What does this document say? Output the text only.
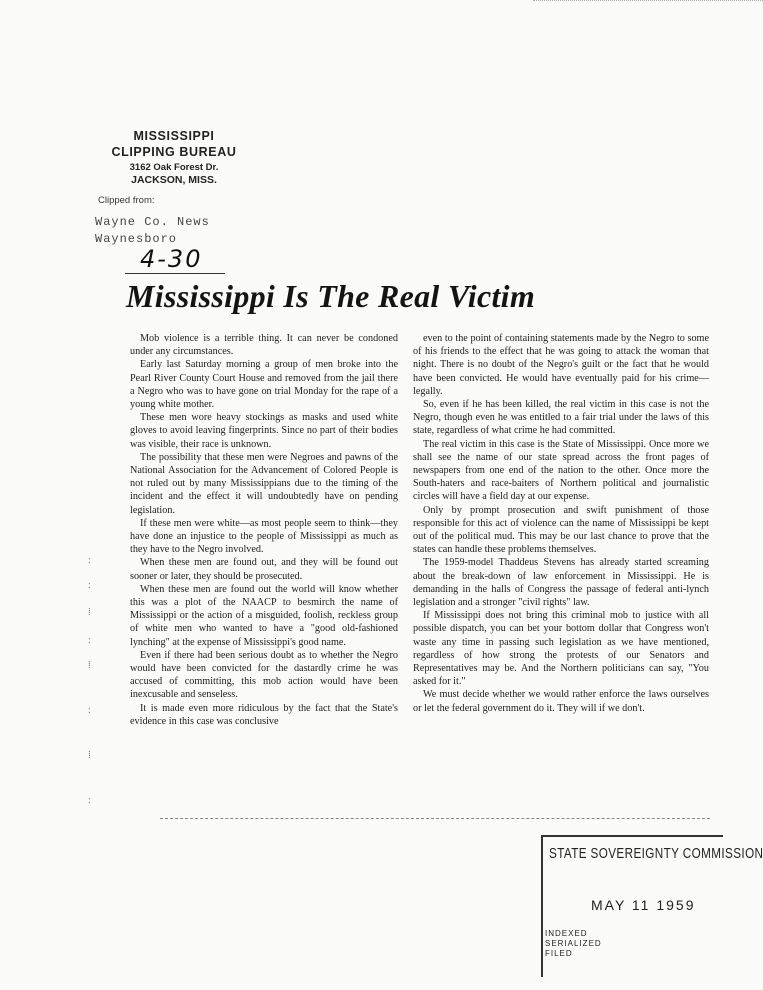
MISSISSIPPI
CLIPPING BUREAU
3162 Oak Forest Dr.
JACKSON, MISS.
Clipped from:
Wayne Co. News
Waynesboro
4-30
Mississippi Is The Real Victim

Mob violence is a terrible thing. It can never be condoned under any circumstances.

Early last Saturday morning a group of men broke into the Pearl River County Court House and removed from the jail there a Negro who was to have gone on trial Monday for the rape of a young white mother.

These men wore heavy stockings as masks and used white gloves to avoid leaving fingerprints. Since no part of their bodies was visible, their race is unknown.

The possibility that these men were Negroes and pawns of the National Association for the Advancement of Colored People is not ruled out by many Mississippians due to the timing of the incident and the effect it will undoubtedly have on pending legislation.

If these men were white—as most people seem to think—they have done an injustice to the people of Mississippi as much as they have to the Negro involved.

When these men are found out, and they will be found out sooner or later, they should be prosecuted.

When these men are found out the world will know whether this was a plot of the NAACP to besmirch the name of Mississippi or the action of a misguided, foolish, reckless group of white men who wanted to have a "good old-fashioned lynching" at the expense of Mississippi's good name.

Even if there had been serious doubt as to whether the Negro would have been convicted for the dastardly crime he was accused of committing, this mob action would have been inexcusable and senseless.

It is made even more ridiculous by the fact that the State's evidence in this case was conclusive

even to the point of containing statements made by the Negro to some of his friends to the effect that he was going to attack the woman that night. There is no doubt of the Negro's guilt or the fact that he would have been convicted. He would have eventually paid for his crime—legally.

So, even if he has been killed, the real victim in this case is not the Negro, though even he was entitled to a fair trial under the laws of this state, regardless of what crime he had committed.

The real victim in this case is the State of Mississippi. Once more we shall see the name of our state spread across the front pages of newspapers from one end of the nation to the other. Once more the South-haters and race-baiters of Northern political and journalistic circles will have a field day at our expense.

Only by prompt prosecution and swift punishment of those responsible for this act of violence can the name of Mississippi be kept out of the political mud. This may be our last chance to prove that the states can handle these problems themselves.

The 1959-model Thaddeus Stevens has already started screaming about the break-down of law enforcement in Mississippi. He is demanding in the halls of Congress the passage of federal anti-lynch legislation and a stronger "civil rights" law.

If Mississippi does not bring this criminal mob to justice with all possible dispatch, you can bet your bottom dollar that Congress won't waste any time in passing such legislation as we have mentioned, regardless of how strong the protests of our Senators and Representatives may be. And the Northern politicians can say, "You asked for it."

We must decide whether we would rather enforce the laws ourselves or let the federal government do it. They will if we don't.

:
:
⁞
:
⁞
:
⁞
:
STATE SOVEREIGNTY COMMISSION
MAY 11 1959
INDEXED
SERIALIZED
FILED
